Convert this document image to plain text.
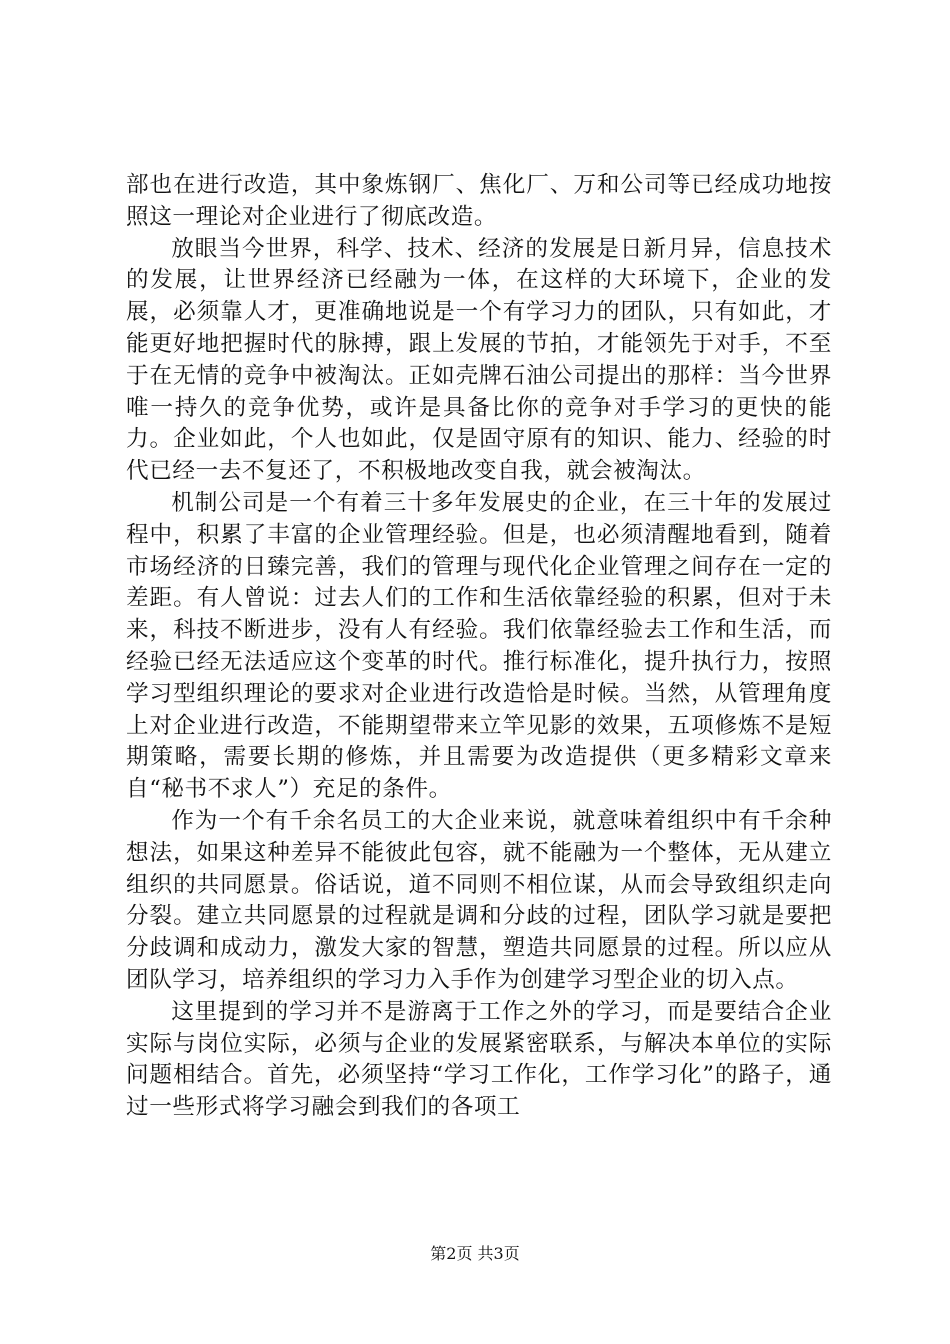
部也在进行改造，其中象炼钢厂、焦化厂、万和公司等已经成功地按照这一理论对企业进行了彻底改造。

放眼当今世界，科学、技术、经济的发展是日新月异，信息技术的发展，让世界经济已经融为一体，在这样的大环境下，企业的发展，必须靠人才，更准确地说是一个有学习力的团队，只有如此，才能更好地把握时代的脉搏，跟上发展的节拍，才能领先于对手，不至于在无情的竞争中被淘汰。正如壳牌石油公司提出的那样：当今世界唯一持久的竞争优势，或许是具备比你的竞争对手学习的更快的能力。企业如此，个人也如此，仅是固守原有的知识、能力、经验的时代已经一去不复还了，不积极地改变自我，就会被淘汰。

机制公司是一个有着三十多年发展史的企业，在三十年的发展过程中，积累了丰富的企业管理经验。但是，也必须清醒地看到，随着市场经济的日臻完善，我们的管理与现代化企业管理之间存在一定的差距。有人曾说：过去人们的工作和生活依靠经验的积累，但对于未来，科技不断进步，没有人有经验。我们依靠经验去工作和生活，而经验已经无法适应这个变革的时代。推行标准化，提升执行力，按照学习型组织理论的要求对企业进行改造恰是时候。当然，从管理角度上对企业进行改造，不能期望带来立竿见影的效果，五项修炼不是短期策略，需要长期的修炼，并且需要为改造提供（更多精彩文章来自“秘书不求人”）充足的条件。

作为一个有千余名员工的大企业来说，就意味着组织中有千余种想法，如果这种差异不能彼此包容，就不能融为一个整体，无从建立组织的共同愿景。俗话说，道不同则不相位谋，从而会导致组织走向分裂。建立共同愿景的过程就是调和分歧的过程，团队学习就是要把分歧调和成动力，激发大家的智慧，塑造共同愿景的过程。所以应从团队学习，培养组织的学习力入手作为创建学习型企业的切入点。

这里提到的学习并不是游离于工作之外的学习，而是要结合企业实际与岗位实际，必须与企业的发展紧密联系，与解决本单位的实际问题相结合。首先，必须坚持“学习工作化，工作学习化”的路子，通过一些形式将学习融会到我们的各项工

第2页 共3页
